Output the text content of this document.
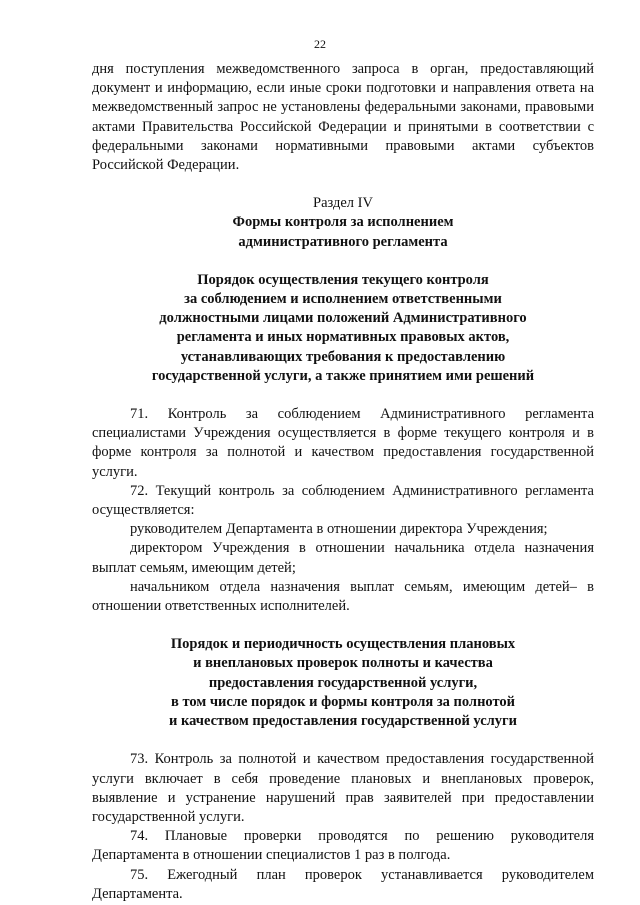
22

дня поступления межведомственного запроса в орган, предоставляющий документ и информацию, если иные сроки подготовки и направления ответа на межведомственный запрос не установлены федеральными законами, правовыми актами Правительства Российской Федерации и принятыми в соответствии с федеральными законами нормативными правовыми актами субъектов Российской Федерации.

Раздел IV

Формы контроля за исполнением

административного регламента

Порядок осуществления текущего контроля

за соблюдением и исполнением ответственными

должностными лицами положений Административного

регламента и иных нормативных правовых актов,

устанавливающих требования к предоставлению

государственной услуги, а также принятием ими решений

71. Контроль за соблюдением Административного регламента специалистами Учреждения осуществляется в форме текущего контроля и в форме контроля за полнотой и качеством предоставления государственной услуги.

72. Текущий контроль за соблюдением Административного регламента осуществляется:

руководителем Департамента в отношении директора Учреждения;

директором Учреждения в отношении начальника отдела назначения выплат семьям, имеющим детей;

начальником отдела назначения выплат семьям, имеющим детей– в отношении ответственных исполнителей.

Порядок и периодичность осуществления плановых

и внеплановых проверок полноты и качества

предоставления государственной услуги,

в том числе порядок и формы контроля за полнотой

и качеством предоставления государственной услуги

73. Контроль за полнотой и качеством предоставления государственной услуги включает в себя проведение плановых и внеплановых проверок, выявление и устранение нарушений прав заявителей при предоставлении государственной услуги.

74. Плановые проверки проводятся по решению руководителя Департамента в отношении специалистов 1 раз в полгода.

75. Ежегодный план проверок устанавливается руководителем Департамента.
